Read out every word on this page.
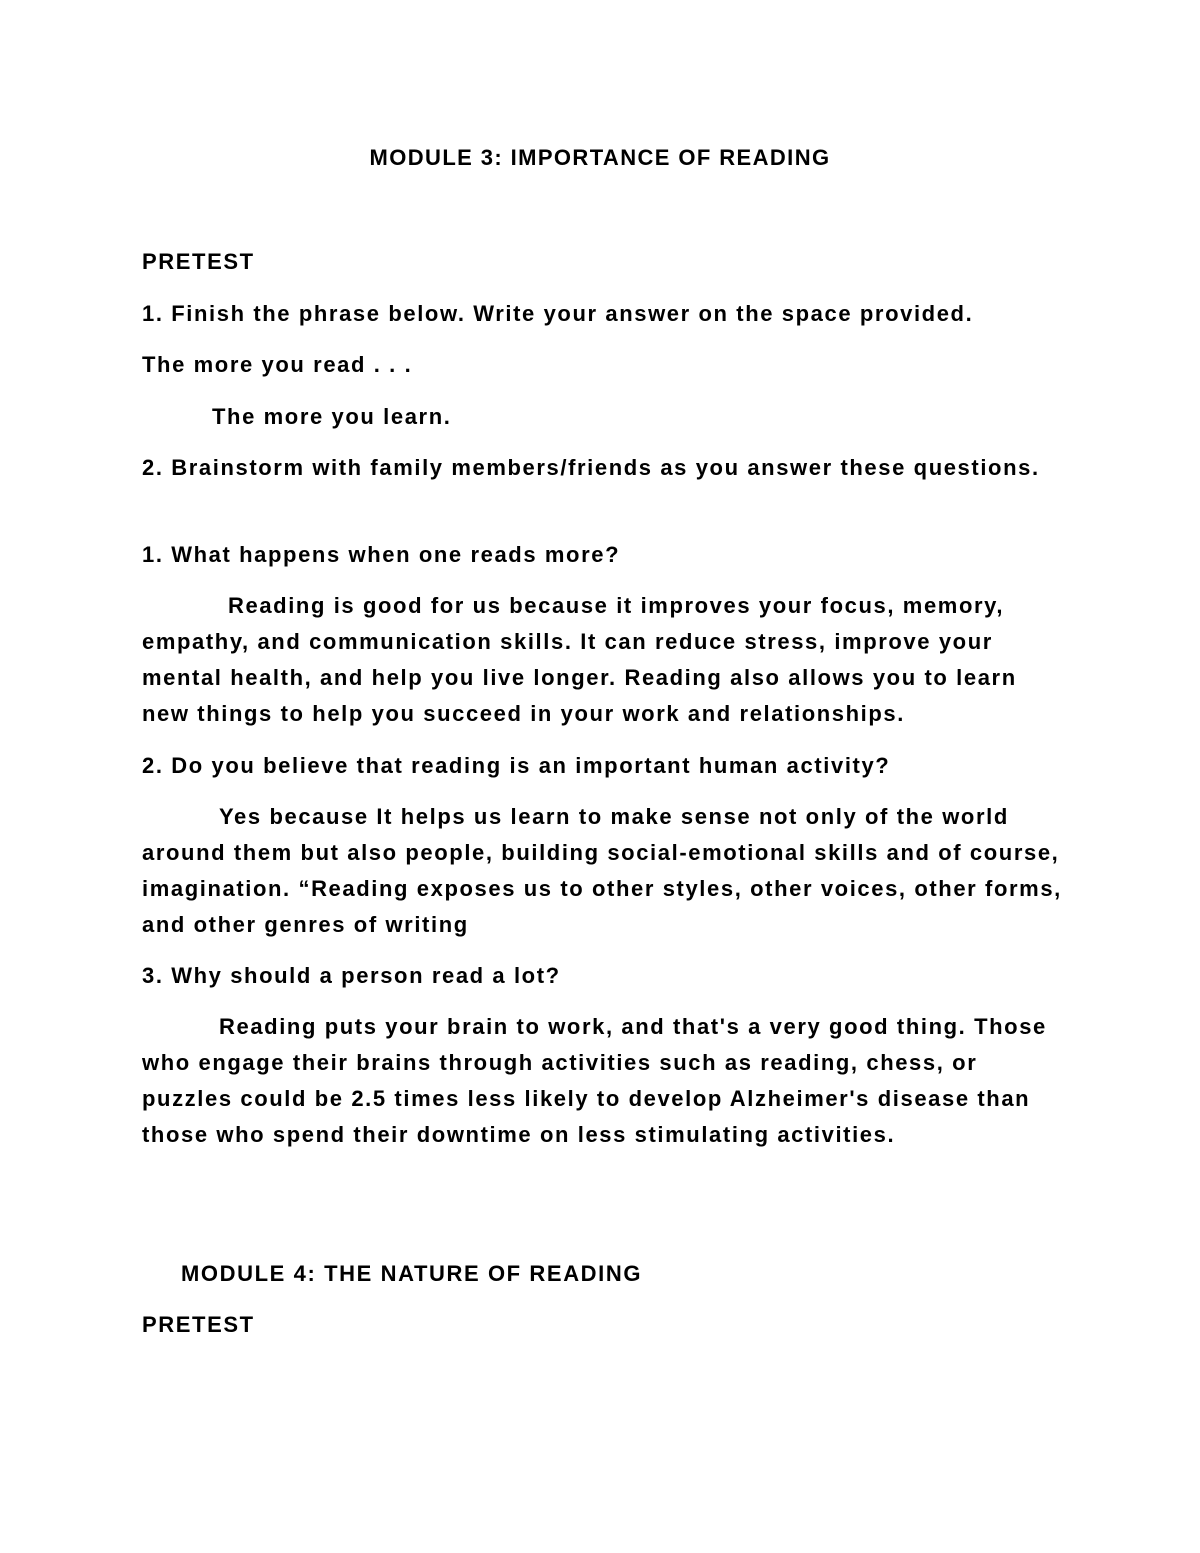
MODULE 3: IMPORTANCE OF READING

PRETEST

1. Finish the phrase below. Write your answer on the space provided.

The more you read . . .

The more you learn.

2. Brainstorm with family members/friends as you answer these questions.

1. What happens when one reads more?

Reading is good for us because it improves your focus, memory, empathy, and communication skills. It can reduce stress, improve your mental health, and help you live longer. Reading also allows you to learn new things to help you succeed in your work and relationships.

2. Do you believe that reading is an important human activity?

Yes because It helps us learn to make sense not only of the world around them but also people, building social-emotional skills and of course, imagination. “Reading exposes us to other styles, other voices, other forms, and other genres of writing

3. Why should a person read a lot?

Reading puts your brain to work, and that's a very good thing. Those who engage their brains through activities such as reading, chess, or puzzles could be 2.5 times less likely to develop Alzheimer's disease than those who spend their downtime on less stimulating activities.

MODULE 4: THE NATURE OF READING

PRETEST
